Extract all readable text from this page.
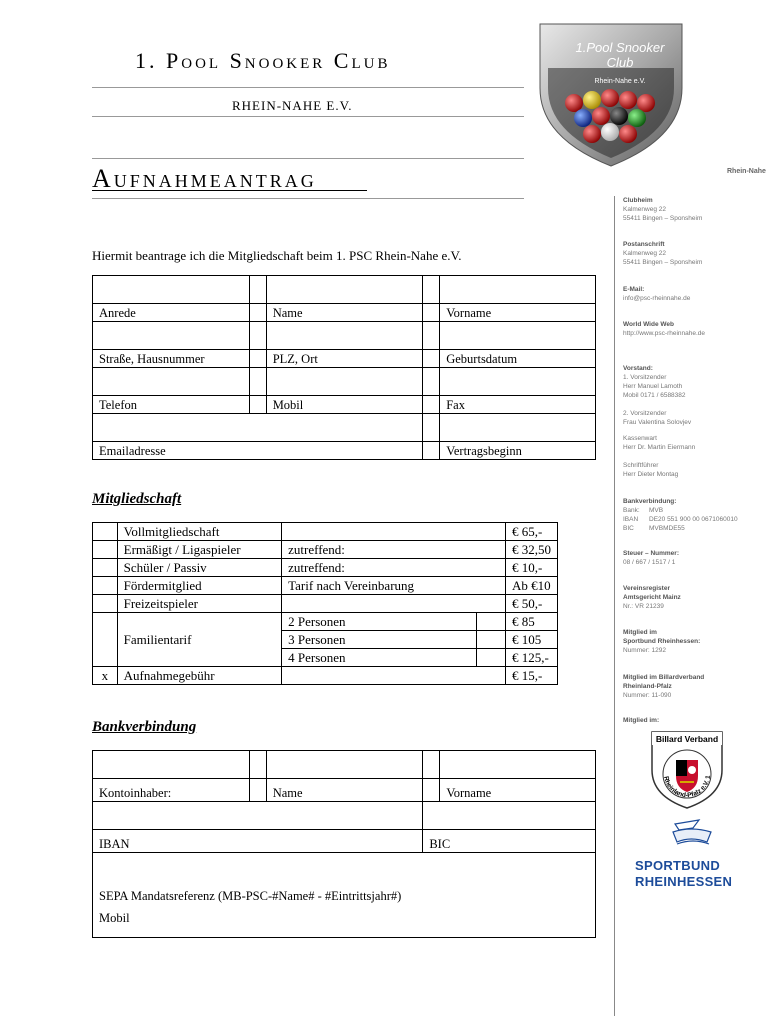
1. Pool Snooker Club
RHEIN-NAHE E.V.
1.Pool Snooker
Club
Rhein-Nahe e.V.
Aufnahmeantrag
Hiermit beantrage ich die Mitgliedschaft beim 1. PSC Rhein-Nahe e.V.

Anrede		Name		Vorname

Straße, Hausnummer		PLZ, Ort		Geburtsdatum

Telefon		Mobil		Fax

Emailadresse				Vertragsbeginn
Mitgliedschaft
	Vollmitgliedschaft			€ 65,-
	Ermäßigt / Ligaspieler	zutreffend:		€ 32,50
	Schüler / Passiv	zutreffend:		€ 10,-
	Fördermitglied	Tarif nach Vereinbarung		Ab €10
	Freizeitspieler			€ 50,-
	Familientarif	2 Personen		€ 85
		3 Personen		€ 105
		4 Personen		€ 125,-
x	Aufnahmegebühr			€ 15,-
Bankverbindung

Kontoinhaber:		Name		Vorname

IBAN			BIC	

SEPA Mandatsreferenz (MB-PSC-#Name# - #Eintrittsjahr#)
Mobil				
Rhein-Nahe
Clubheim
Kalmenweg 22
55411 Bingen – Sponsheim
Postanschrift
Kalmenweg 22
55411 Bingen – Sponsheim
E-Mail:
info@psc-rheinnahe.de
World Wide Web
http://www.psc-rheinnahe.de
Vorstand:
1. Vorsitzender
Herr Manuel Lamoth
Mobil 0171 / 6588382
2. Vorsitzender
Frau Valentina Solovjev
Kassenwart
Herr Dr. Martin Eiermann
Schriftführer
Herr Dieter Montag
Bankverbindung:
Bank:	MVB
IBAN	DE20 551 900 00 0671060010
BIC	MVBMDE55
Steuer – Nummer:
08 / 667 / 1517 / 1
Vereinsregister
Amtsgericht Mainz
Nr.: VR 21239
Mitglied im
Sportbund Rheinhessen:
Nummer: 1292
Mitglied im Billardverband
Rheinland-Pfalz
Nummer: 11-090
Mitglied im:
Billard Verband
Rheinland-Pfalz e.V. 1
SPORTBUND
RHEINHESSEN
